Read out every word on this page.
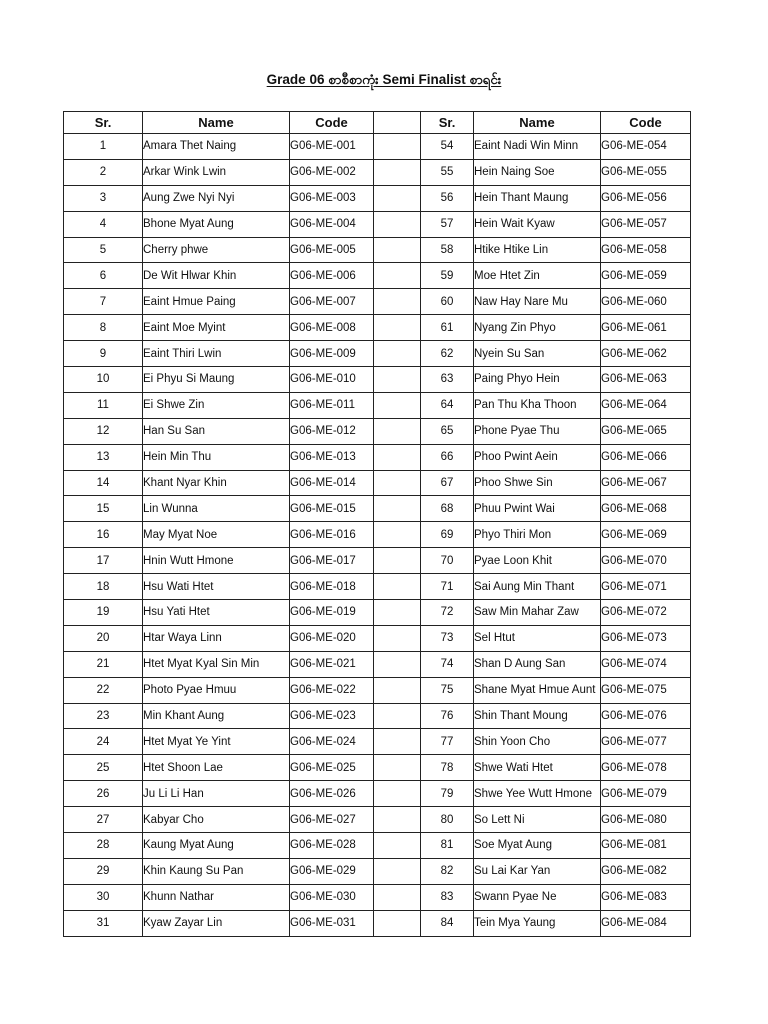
Grade 06 စာစီစာကုံး Semi Finalist စာရင်း
Sr.	Name	Code		Sr.	Name	Code
1	Amara Thet Naing	G06-ME-001		54	Eaint Nadi Win Minn	G06-ME-054
2	Arkar Wink Lwin	G06-ME-002		55	Hein Naing Soe	G06-ME-055
3	Aung Zwe Nyi Nyi	G06-ME-003		56	Hein Thant Maung	G06-ME-056
4	Bhone Myat Aung	G06-ME-004		57	Hein Wait Kyaw	G06-ME-057
5	Cherry phwe	G06-ME-005		58	Htike Htike Lin	G06-ME-058
6	De Wit Hlwar Khin	G06-ME-006		59	Moe Htet Zin	G06-ME-059
7	Eaint Hmue Paing	G06-ME-007		60	Naw Hay Nare Mu	G06-ME-060
8	Eaint Moe Myint	G06-ME-008		61	Nyang Zin Phyo	G06-ME-061
9	Eaint Thiri Lwin	G06-ME-009		62	Nyein Su San	G06-ME-062
10	Ei Phyu Si Maung	G06-ME-010		63	Paing Phyo Hein	G06-ME-063
11	Ei Shwe Zin	G06-ME-011		64	Pan Thu Kha Thoon	G06-ME-064
12	Han Su San	G06-ME-012		65	Phone Pyae Thu	G06-ME-065
13	Hein Min Thu	G06-ME-013		66	Phoo Pwint Aein	G06-ME-066
14	Khant Nyar Khin	G06-ME-014		67	Phoo Shwe Sin	G06-ME-067
15	Lin Wunna	G06-ME-015		68	Phuu Pwint Wai	G06-ME-068
16	May Myat Noe	G06-ME-016		69	Phyo Thiri Mon	G06-ME-069
17	Hnin Wutt Hmone	G06-ME-017		70	Pyae Loon Khit	G06-ME-070
18	Hsu Wati Htet	G06-ME-018		71	Sai Aung Min Thant	G06-ME-071
19	Hsu Yati Htet	G06-ME-019		72	Saw Min Mahar Zaw	G06-ME-072
20	Htar Waya Linn	G06-ME-020		73	Sel Htut	G06-ME-073
21	Htet Myat Kyal Sin Min	G06-ME-021		74	Shan D Aung San	G06-ME-074
22	Photo Pyae Hmuu	G06-ME-022		75	Shane Myat Hmue Aunt	G06-ME-075
23	Min Khant Aung	G06-ME-023		76	Shin Thant Moung	G06-ME-076
24	Htet Myat Ye Yint	G06-ME-024		77	Shin Yoon Cho	G06-ME-077
25	Htet Shoon Lae	G06-ME-025		78	Shwe Wati Htet	G06-ME-078
26	Ju Li Li Han	G06-ME-026		79	Shwe Yee Wutt Hmone	G06-ME-079
27	Kabyar Cho	G06-ME-027		80	So Lett Ni	G06-ME-080
28	Kaung Myat Aung	G06-ME-028		81	Soe Myat Aung	G06-ME-081
29	Khin Kaung Su Pan	G06-ME-029		82	Su Lai Kar Yan	G06-ME-082
30	Khunn Nathar	G06-ME-030		83	Swann Pyae Ne	G06-ME-083
31	Kyaw Zayar Lin	G06-ME-031		84	Tein Mya Yaung	G06-ME-084
